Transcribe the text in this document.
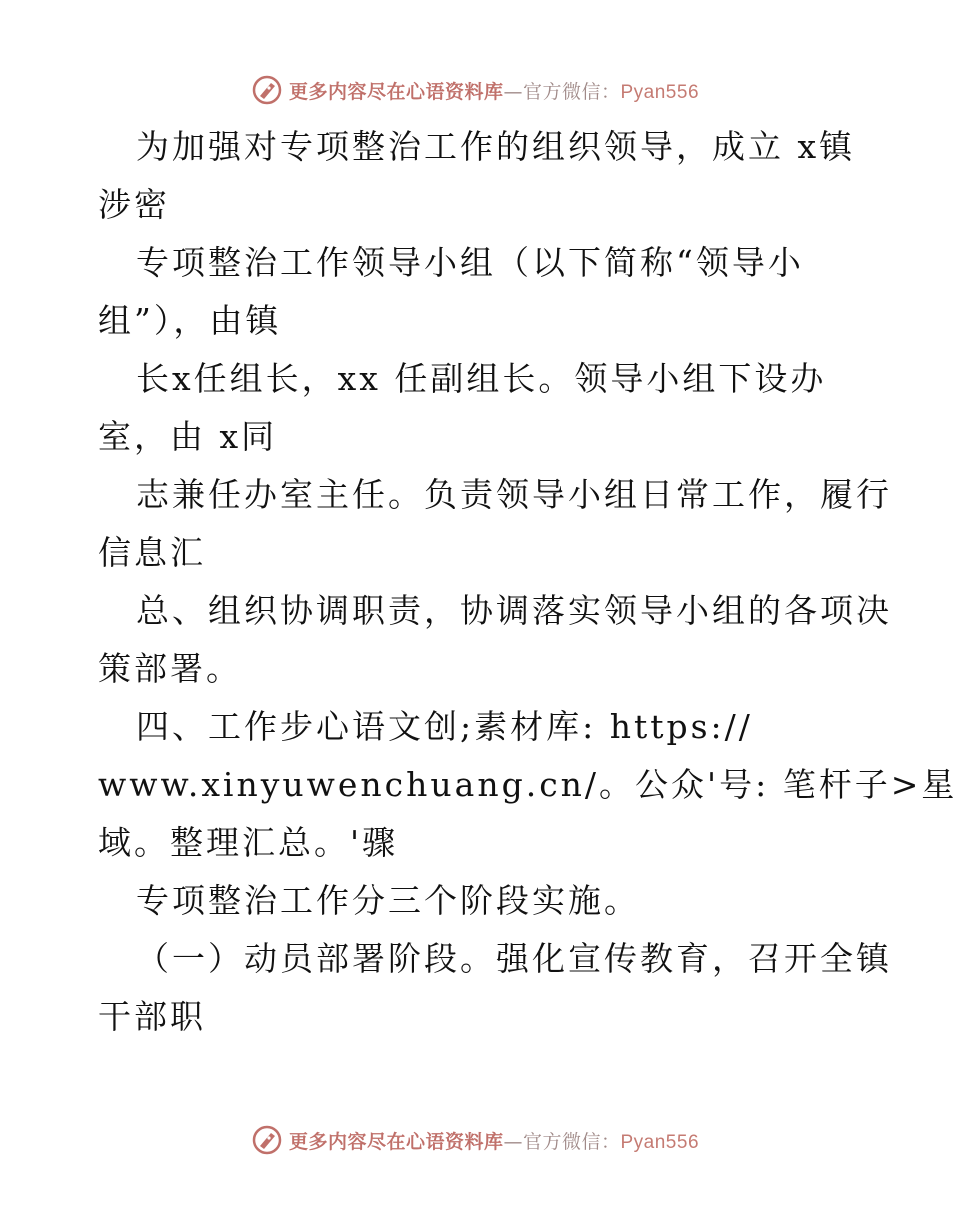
更多内容尽在心语资料库—官方微信：Pyan556
为加强对专项整治工作的组织领导，成立 x镇
涉密
专项整治工作领导小组（以下简称“领导小
组”），由镇
长x任组长，xx 任副组长。领导小组下设办
室，由 x同
志兼任办室主任。负责领导小组日常工作，履行
信息汇
总、组织协调职责，协调落实领导小组的各项决
策部署。
四、工作步心语文创;素材库: https://
www.xinyuwenchuang.cn/。公众'号: 笔杆子>星
域。整理汇总。'骤
专项整治工作分三个阶段实施。
（一）动员部署阶段。强化宣传教育，召开全镇
干部职
更多内容尽在心语资料库—官方微信：Pyan556
